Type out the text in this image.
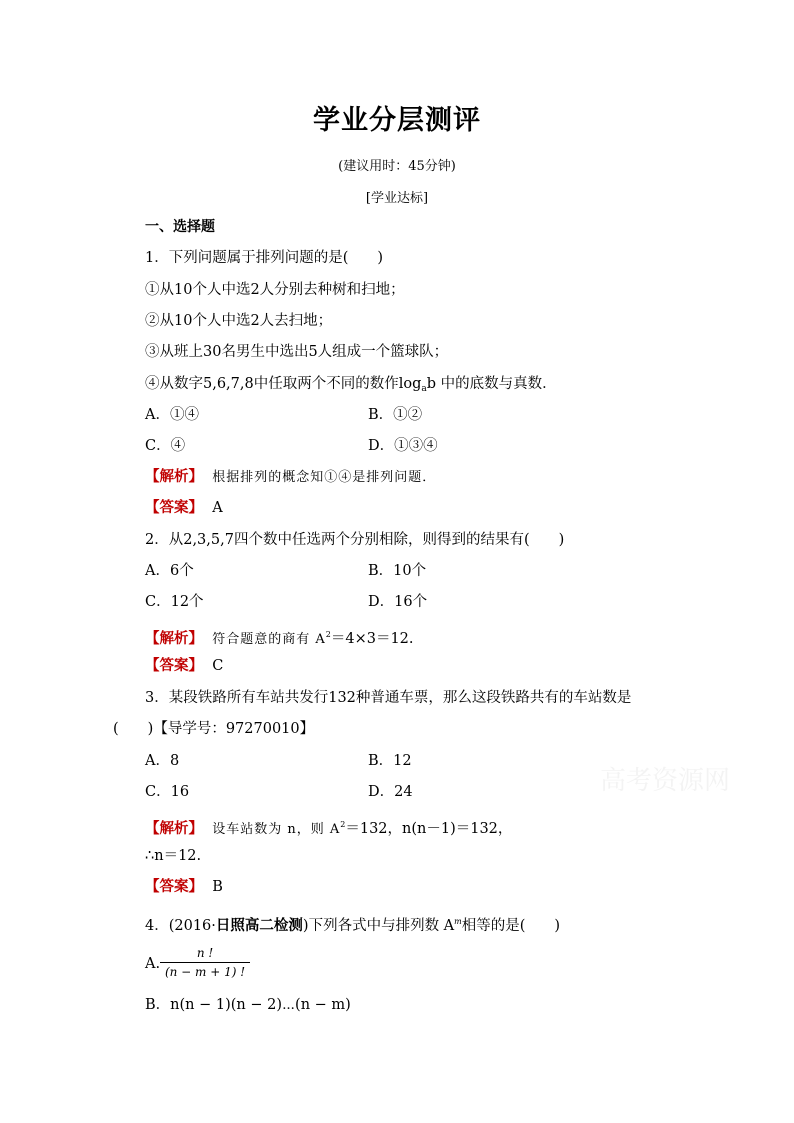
学业分层测评
(建议用时：45分钟)
[学业达标]
一、选择题
1．下列问题属于排列问题的是(　　)
①从10个人中选2人分别去种树和扫地；
②从10个人中选2人去扫地；
③从班上30名男生中选出5人组成一个篮球队；
④从数字5,6,7,8中任取两个不同的数作$\log_ab$ 中的底数与真数．
A．①④	B．①②
C．④	D．①③④
【解析】 根据排列的概念知①④是排列问题．
【答案】 A
2．从2,3,5,7四个数中任选两个分别相除，则得到的结果有(　　)
A．6个	B．10个
C．12个	D．16个
【解析】 符合题意的商有 $A^2=4\times 3=12$.
【答案】 C
3．某段铁路所有车站共发行132种普通车票，那么这段铁路共有的车站数是
(　　)【导学号：97270010】
A．8	B．12
C．16	D．24
【解析】 设车站数为 n，则 $A^2=132$，n(n－1)＝132，
∴n＝12.
【答案】 B
4．(2016·日照高二检测)下列各式中与排列数 $A^m$相等的是(　　)
A. $\frac{n !}{(n - m + 1) !}$
B．n(n − 1)(n − 2)⋯(n − m)
高考资源网
